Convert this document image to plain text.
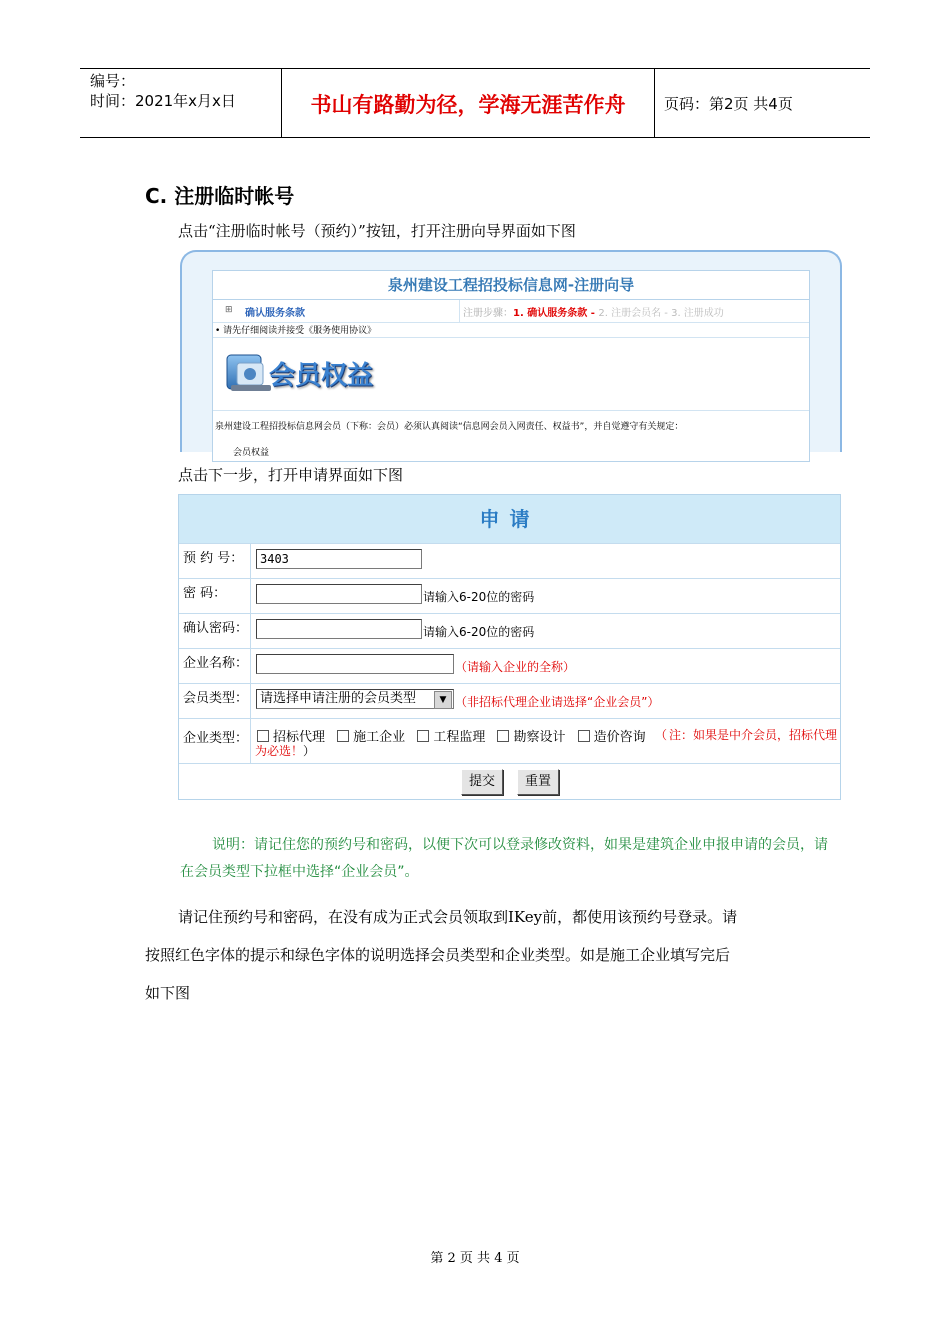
编号：
时间：2021年x月x日	书山有路勤为径，学海无涯苦作舟	页码：第2页 共4页
C. 注册临时帐号
点击“注册临时帐号（预约）”按钮，打开注册向导界面如下图
泉州建设工程招投标信息网-注册向导
⊞ 确认服务条款	注册步骤：1. 确认服务条款 - 2. 注册会员名 - 3. 注册成功
• 请先仔细阅读并接受《服务使用协议》
会员权益
泉州建设工程招投标信息网会员（下称：会员）必须认真阅读“信息网会员入网责任、权益书”，并自觉遵守有关规定：
会员权益
点击下一步，打开申请界面如下图
申请
预 约 号：	3403
密 码：	请输入6-20位的密码
确认密码：	请输入6-20位的密码
企业名称：	（请输入企业的全称）
会员类型： 请选择申请注册的会员类型	▼ （非招标代理企业请选择“企业会员”）
企业类型：	招标代理 施工企业 工程监理 勘察设计 造价咨询 （ 注：如果是中介会员，招标代理为必选！）
提交	重置
说明：请记住您的预约号和密码，以便下次可以登录修改资料，如果是建筑企业申报申请的会员，请在会员类型下拉框中选择“企业会员”。
请记住预约号和密码，在没有成为正式会员领取到IKey前，都使用该预约号登录。请
按照红色字体的提示和绿色字体的说明选择会员类型和企业类型。如是施工企业填写完后
如下图
第 2 页 共 4 页
